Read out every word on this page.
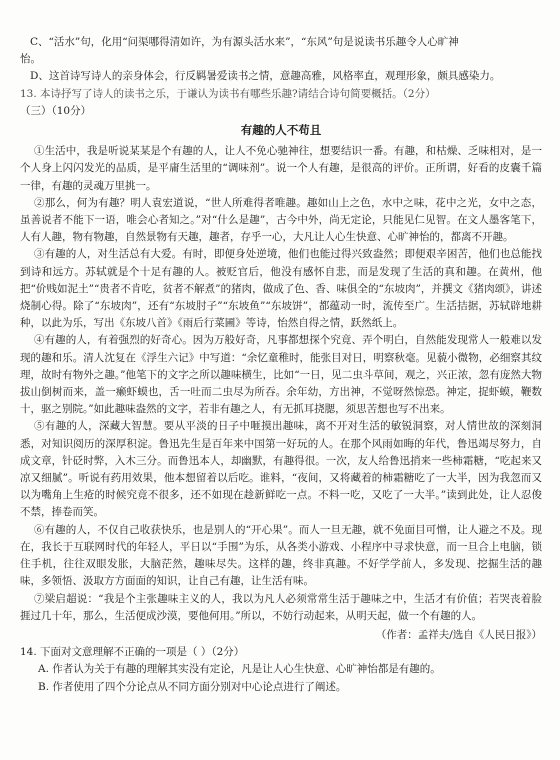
C、“活水”句，化用“问渠哪得清如许，为有源头活水来”，“东风”句是说读书乐趣令人心旷神
怡。
D、这首诗写诗人的亲身体会，行反羁暑爱读书之情，意趣高雅，风格率直，观理形象，颇具感染力。
13. 本诗抒写了诗人的读书之乐，于谦认为读书有哪些乐趣?请结合诗句简要概括。（2分）
（三）（10分）
有趣的人不苟且
①生活中，我是听说某某是个有趣的人，让人不免心驰神往，想要结识一番。有趣，和枯燥、乏味相对，是一个人身上闪闪发光的品质，是平庸生活里的“调味剂”。说一个人有趣，是很高的评价。正所谓，好看的皮囊千篇一律，有趣的灵魂万里挑一。
②那么，何为有趣？明人袁宏道说，“世人所难得者唯趣。趣如山上之色，水中之味，花中之光，女中之态，虽善说者不能下一语，唯会心者知之。”对“什么是趣”，古今中外，尚无定论，只能见仁见智。在文人墨客笔下，人有人趣，物有物趣，自然景物有天趣，趣者，存乎一心，大凡让人心生快意、心旷神怡的，都离不开趣。
③有趣的人，对生活总有大爱。有时，即便身处逆境，他们也能过得兴致盎然；即便艰辛困苦，他们也总能找到诗和远方。苏轼就是个十足有趣的人。被贬官后，他没有感怀自悲，而是发现了生活的真和趣。在黄州，他把“价贱如泥土”“贵者不肯吃，贫者不解煮”的猪肉，做成了色、香、味俱全的“东坡肉”，并撰文《猪肉颂》，讲述烧制心得。除了“东坡肉”，还有“东坡肘子”“东坡鱼”“东坡饼”，都蕴动一时，流传至广。生活拮据，苏轼辟地耕种，以此为乐，写出《东坡八首》《雨后行菜圃》等诗，怡然自得之情，跃然纸上。
④有趣的人，有着强烈的好奇心。因为万般好奇，凡事都想探个究竟、弄个明白，自然能发现常人一般难以发现的趣和乐。清人沈复在《浮生六记》中写道：“余忆童稚时，能张目对日，明察秋毫。见藐小微物，必细察其纹理，故时有物外之趣。”他笔下的文字之所以趣味横生，比如“一日，见二虫斗草间，观之，兴正浓，忽有庞然大物拔山倒树而来，盖一癞虾蟆也，舌一吐而二虫尽为所吞。余年幼，方出神，不觉呀然惊恐。神定，捉虾蟆，鞭数十，驱之别院。”如此趣味盎然的文字，若非有趣之人，有无抓耳挠腮，须思苦想也写不出来。
⑤有趣的人，深藏大智慧。要从平淡的日子中咂摸出趣味，离不开对生活的敏锐洞察，对人情世故的深刻洞悉，对知识阅历的深厚积淀。鲁迅先生是百年来中国第一好玩的人。在那个风雨如晦的年代，鲁迅竭尽努力，自成文章，针砭时弊，入木三分。而鲁迅本人，却幽默，有趣得很。一次，友人给鲁迅捎来一些柿霜糖，“吃起来又凉又细腻”。听说有药用效果，他本想留着以后吃。谁料，“夜间，又将藏着的柿霜糖吃了一大半，因为我忽而又以为嘴角上生疮的时候究竟不很多，还不如现在趁新鲜吃一点。不料一吃，又吃了一大半。”读到此处，让人忍俊不禁，捧卷而笑。
⑥有趣的人，不仅自己收获快乐，也是别人的“开心果”。而人一旦无趣，就不免面目可憎，让人避之不及。现在，我长于互联网时代的年轻人，平日以“手围”为乐，从各类小游戏、小程序中寻求快意，而一旦合上电脑，锁住手机，往往双眼发胀，大脑茫然，趣味尽失。这样的趣，终非真趣。不好学学前人，多发现、挖掘生活的趣味，多领悟、汲取方方面面的知识，让自己有趣，让生活有味。
⑦梁启超说：“我是个主张趣味主义的人，我以为凡人必须常常生活于趣味之中，生活才有价值；若哭丧着脸捱过几十年，那么，生活便成沙漠，要他何用。”所以，不妨行动起来，从明天起，做一个有趣的人。
（作者：孟祥夫/选自《人民日报》）
14. 下面对文意理解不正确的一项是（ ）（2分）
A. 作者认为关于有趣的理解其实没有定论，凡是让人心生快意、心旷神怡都是有趣的。
B. 作者使用了四个分论点从不同方面分别对中心论点进行了阐述。
